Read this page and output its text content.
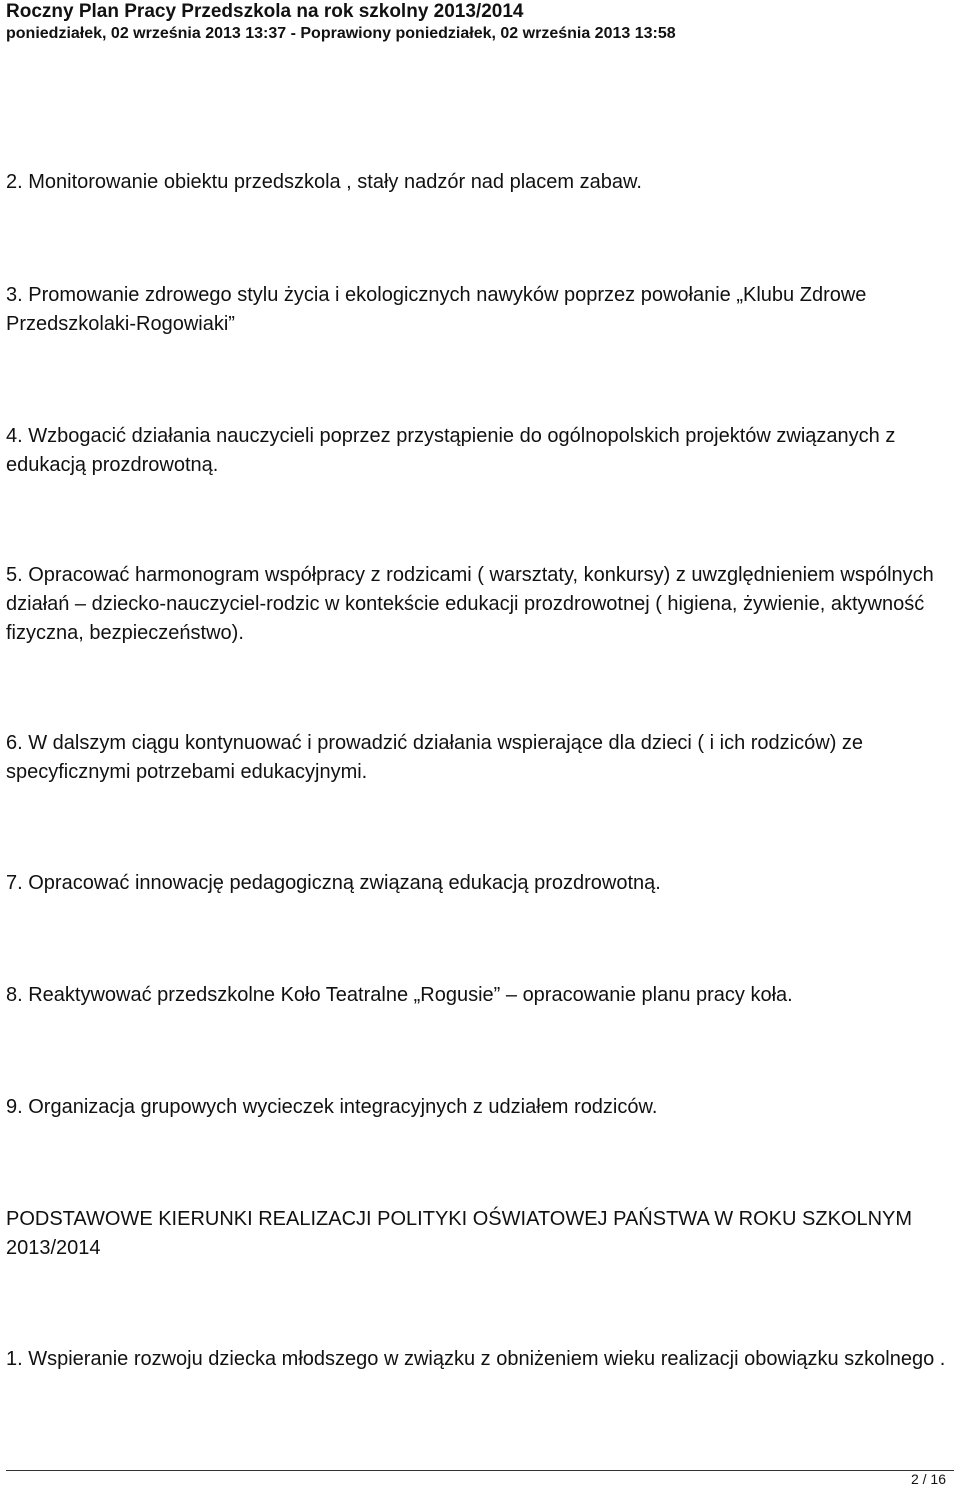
Roczny Plan Pracy Przedszkola na rok szkolny 2013/2014
poniedziałek, 02 września 2013 13:37 - Poprawiony poniedziałek, 02 września 2013 13:58

2. Monitorowanie obiektu przedszkola , stały nadzór nad placem zabaw.

3. Promowanie zdrowego stylu życia i ekologicznych nawyków poprzez powołanie „Klubu Zdrowe Przedszkolaki-Rogowiaki”

4. Wzbogacić działania nauczycieli poprzez przystąpienie do ogólnopolskich projektów związanych z edukacją prozdrowotną.

5. Opracować harmonogram współpracy z rodzicami ( warsztaty, konkursy) z uwzględnieniem wspólnych działań – dziecko-nauczyciel-rodzic w kontekście edukacji prozdrowotnej ( higiena, żywienie, aktywność fizyczna, bezpieczeństwo).

6. W dalszym ciągu kontynuować i prowadzić działania wspierające dla dzieci ( i ich rodziców) ze specyficznymi potrzebami edukacyjnymi.

7. Opracować innowację pedagogiczną związaną edukacją prozdrowotną.

8. Reaktywować przedszkolne Koło Teatralne „Rogusie” – opracowanie planu pracy koła.

9. Organizacja grupowych wycieczek integracyjnych z udziałem rodziców.

PODSTAWOWE KIERUNKI REALIZACJI POLITYKI OŚWIATOWEJ PAŃSTWA W ROKU SZKOLNYM 2013/2014

1. Wspieranie rozwoju dziecka młodszego w związku z obniżeniem wieku realizacji obowiązku szkolnego .

2 / 16
